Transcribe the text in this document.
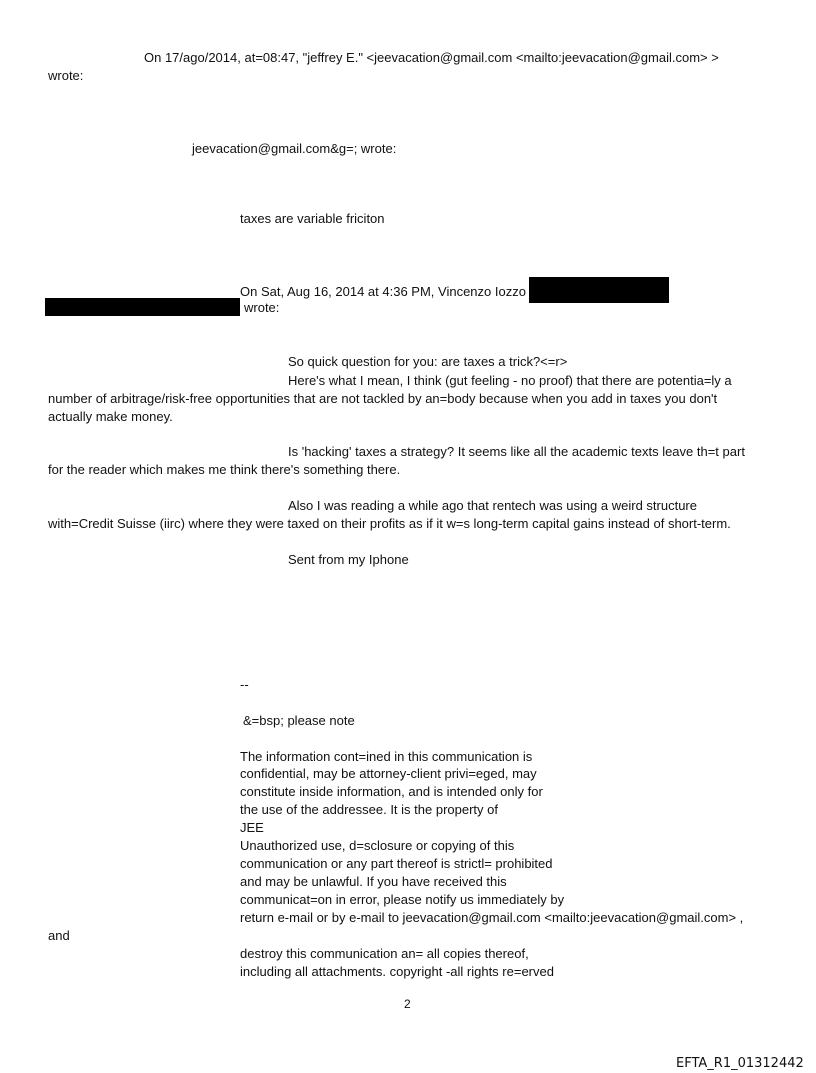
On 17/ago/2014, at=08:47, "jeffrey E." <jeevacation@gmail.com <mailto:jeevacation@gmail.com> >
wrote:
jeevacation@gmail.com&g=; wrote:
taxes are variable friciton
On Sat, Aug 16, 2014 at 4:36 PM, Vincenzo Iozzo
wrote:
So quick question for you: are taxes a trick?<=r>
Here's what I mean, I think (gut feeling - no proof) that there are potentia=ly a
number of arbitrage/risk-free opportunities that are not tackled by an=body because when you add in taxes you don't
actually make money.
Is 'hacking' taxes a strategy? It seems like all the academic texts leave th=t part
for the reader which makes me think there's something there.
Also I was reading a while ago that rentech was using a weird structure
with=Credit Suisse (iirc) where they were taxed on their profits as if it w=s long-term capital gains instead of short-term.
Sent from my Iphone
--
&=bsp; please note
The information cont=ined in this communication is
confidential, may be attorney-client privi=eged, may
constitute inside information, and is intended only for
the use of the addressee. It is the property of
JEE
Unauthorized use, d=sclosure or copying of this
communication or any part thereof is strictl= prohibited
and may be unlawful. If you have received this
communicat=on in error, please notify us immediately by
return e-mail or by e-mail to jeevacation@gmail.com <mailto:jeevacation@gmail.com> ,
and
destroy this communication an= all copies thereof,
including all attachments. copyright -all rights re=erved
2
EFTA_R1_01312442
